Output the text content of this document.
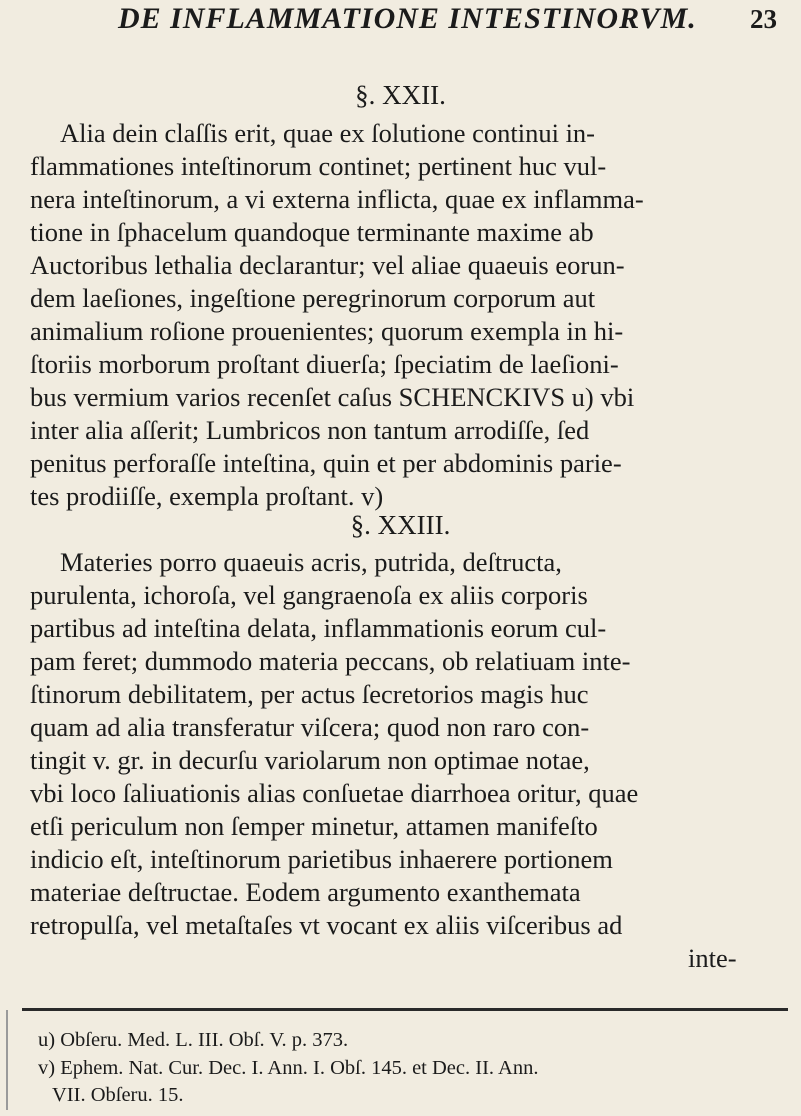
DE INFLAMMATIONE INTESTINORVM. 23
§. XXII.
Alia dein claſſis erit, quae ex ſolutione continui in-
flammationes inteſtinorum continet; pertinent huc vul-
nera inteſtinorum, a vi externa inflicta, quae ex inflamma-
tione in ſphacelum quandoque terminante maxime ab
Auctoribus lethalia declarantur; vel aliae quaeuis eorun-
dem laeſiones, ingeſtione peregrinorum corporum aut
animalium roſione prouenientes; quorum exempla in hi-
ſtoriis morborum proſtant diuerſa; ſpeciatim de laeſioni-
bus vermium varios recenſet caſus SCHENCKIVS u) vbi
inter alia aſſerit; Lumbricos non tantum arrodiſſe, ſed
penitus perforaſſe inteſtina, quin et per abdominis parie-
tes prodiiſſe, exempla proſtant. v)
§. XXIII.
Materies porro quaeuis acris, putrida, deſtructa,
purulenta, ichoroſa, vel gangraenoſa ex aliis corporis
partibus ad inteſtina delata, inflammationis eorum cul-
pam feret; dummodo materia peccans, ob relatiuam inte-
ſtinorum debilitatem, per actus ſecretorios magis huc
quam ad alia transferatur viſcera; quod non raro con-
tingit v. gr. in decurſu variolarum non optimae notae,
vbi loco ſaliuationis alias conſuetae diarrhoea oritur, quae
etſi periculum non ſemper minetur, attamen manifeſto
indicio eſt, inteſtinorum parietibus inhaerere portionem
materiae deſtructae. Eodem argumento exanthemata
retropulſa, vel metaſtaſes vt vocant ex aliis viſceribus ad
inte-
u) Obſeru. Med. L. III. Obſ. V. p. 373.
v) Ephem. Nat. Cur. Dec. I. Ann. I. Obſ. 145. et Dec. II. Ann.
VII. Obſeru. 15.
